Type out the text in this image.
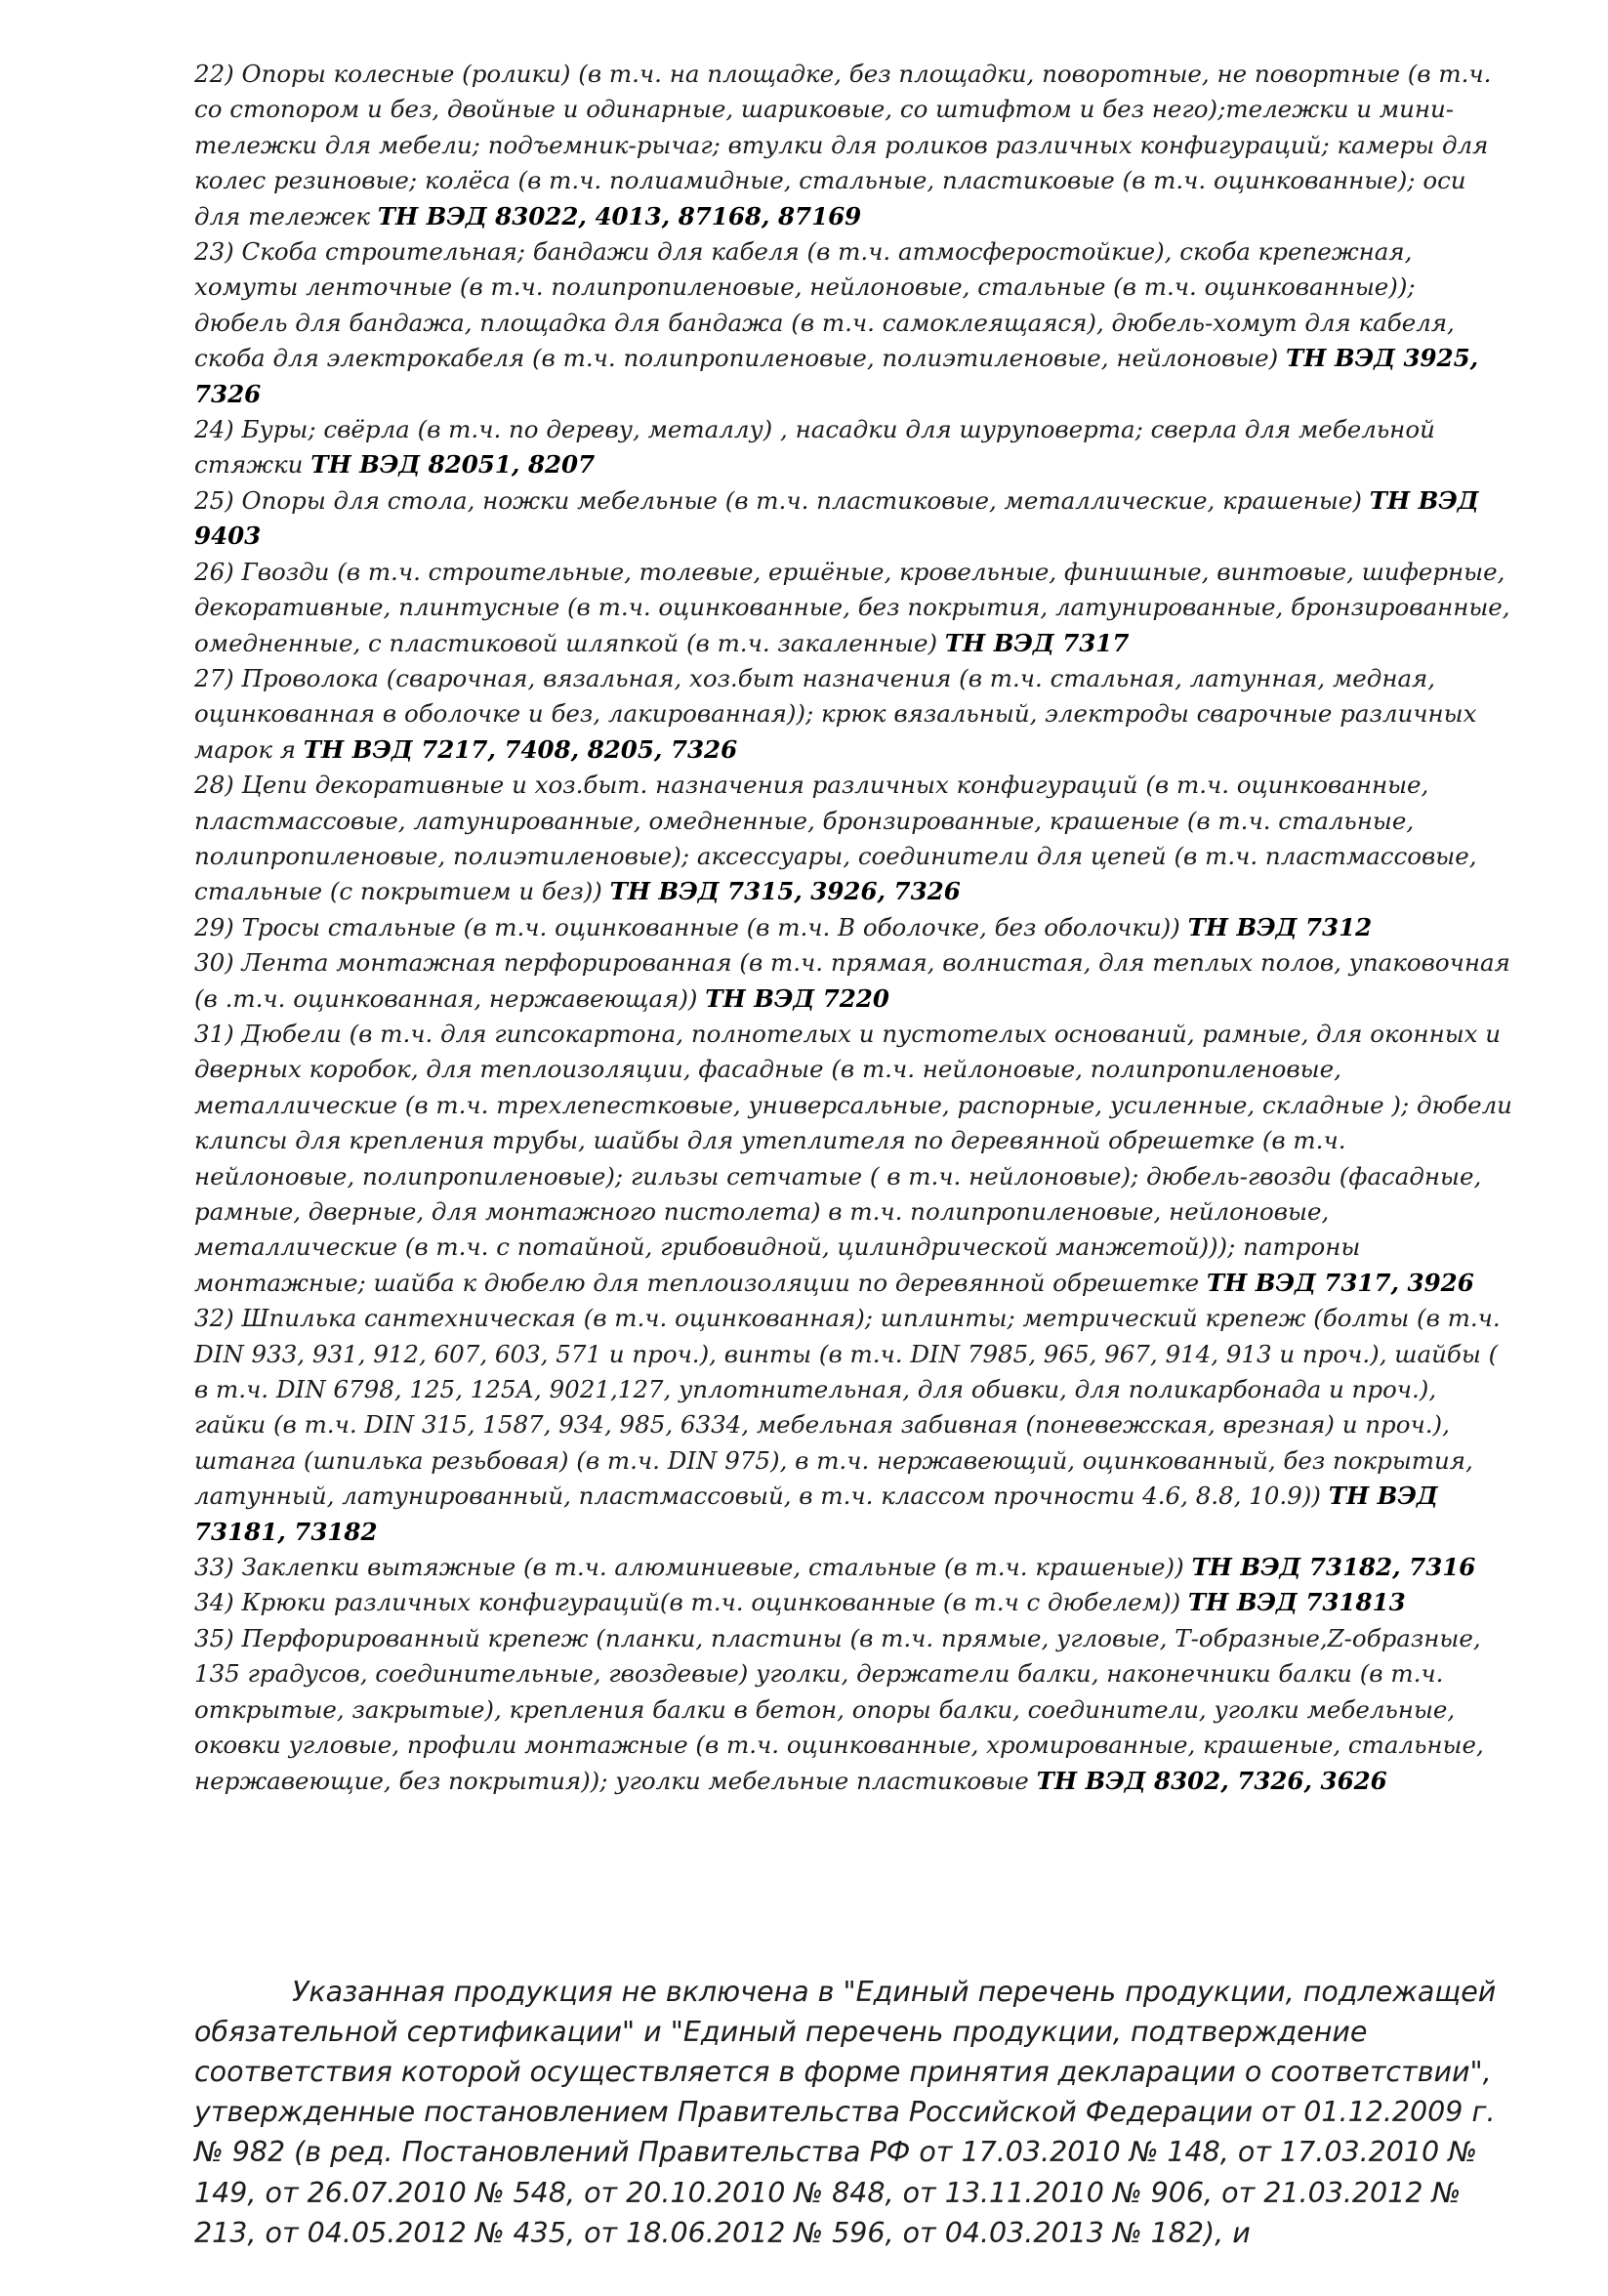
22) Опоры колесные (ролики) (в т.ч. на площадке, без площадки, поворотные, не повортные (в т.ч. со стопором и без, двойные и одинарные, шариковые, со штифтом и без него);тележки и мини-тележки для мебели; подъемник-рычаг; втулки для роликов различных конфигураций; камеры для колес резиновые; колёса (в т.ч. полиамидные, стальные, пластиковые (в т.ч. оцинкованные); оси для тележек ТН ВЭД 83022, 4013, 87168, 87169

23) Скоба строительная; бандажи для кабеля (в т.ч. атмосферостойкие), скоба крепежная, хомуты ленточные (в т.ч. полипропиленовые, нейлоновые, стальные (в т.ч. оцинкованные)); дюбель для бандажа, площадка для бандажа (в т.ч. самоклеящаяся), дюбель-хомут для кабеля, скоба для электрокабеля (в т.ч. полипропиленовые, полиэтиленовые, нейлоновые) ТН ВЭД 3925, 7326

24) Буры; свёрла (в т.ч. по дереву, металлу) , насадки для шуруповерта; сверла для мебельной стяжки ТН ВЭД 82051, 8207

25) Опоры для стола, ножки мебельные (в т.ч. пластиковые, металлические, крашеные) ТН ВЭД 9403

26) Гвозди (в т.ч. строительные, толевые, ершёные, кровельные, финишные, винтовые, шиферные, декоративные, плинтусные (в т.ч. оцинкованные, без покрытия, латунированные, бронзированные, омедненные, с пластиковой шляпкой (в т.ч. закаленные) ТН ВЭД 7317

27) Проволока (сварочная, вязальная, хоз.быт назначения (в т.ч. стальная, латунная, медная, оцинкованная в оболочке и без, лакированная)); крюк вязальный, электроды сварочные различных марок я ТН ВЭД 7217, 7408, 8205, 7326

28) Цепи декоративные и хоз.быт. назначения различных конфигураций (в т.ч. оцинкованные, пластмассовые, латунированные, омедненные, бронзированные, крашеные (в т.ч. стальные, полипропиленовые, полиэтиленовые); аксессуары, соединители для цепей (в т.ч. пластмассовые, стальные (с покрытием и без)) ТН ВЭД 7315, 3926, 7326

29) Тросы стальные (в т.ч. оцинкованные (в т.ч. В оболочке, без оболочки)) ТН ВЭД 7312

30) Лента монтажная перфорированная (в т.ч. прямая, волнистая, для теплых полов, упаковочная (в .т.ч. оцинкованная, нержавеющая)) ТН ВЭД 7220

31) Дюбели (в т.ч. для гипсокартона, полнотелых и пустотелых оснований, рамные, для оконных и дверных коробок, для теплоизоляции, фасадные (в т.ч. нейлоновые, полипропиленовые, металлические (в т.ч. трехлепестковые, универсальные, распорные, усиленные, складные ); дюбели клипсы для крепления трубы, шайбы для утеплителя по деревянной обрешетке (в т.ч. нейлоновые, полипропиленовые); гильзы сетчатые ( в т.ч. нейлоновые); дюбель-гвозди (фасадные, рамные, дверные, для монтажного пистолета) в т.ч. полипропиленовые, нейлоновые, металлические (в т.ч. с потайной, грибовидной, цилиндрической манжетой))); патроны монтажные; шайба к дюбелю для теплоизоляции по деревянной обрешетке ТН ВЭД 7317, 3926

32) Шпилька сантехническая (в т.ч. оцинкованная); шплинты; метрический крепеж (болты (в т.ч. DIN 933, 931, 912, 607, 603, 571 и проч.), винты (в т.ч. DIN 7985, 965, 967, 914, 913 и проч.), шайбы ( в т.ч. DIN 6798, 125, 125А, 9021,127, уплотнительная, для обивки, для поликарбонада и проч.), гайки (в т.ч. DIN 315, 1587, 934, 985, 6334, мебельная забивная (поневежская, врезная) и проч.), штанга (шпилька резьбовая) (в т.ч. DIN 975), в т.ч. нержавеющий, оцинкованный, без покрытия, латунный, латунированный, пластмассовый, в т.ч. классом прочности 4.6, 8.8, 10.9)) ТН ВЭД 73181, 73182

33) Заклепки вытяжные (в т.ч. алюминиевые, стальные (в т.ч. крашеные)) ТН ВЭД 73182, 7316

34) Крюки различных конфигураций(в т.ч. оцинкованные (в т.ч с дюбелем)) ТН ВЭД 731813

35) Перфорированный крепеж (планки, пластины (в т.ч. прямые, угловые, Т-образные,Z-образные, 135 градусов, соединительные, гвоздевые) уголки, держатели балки, наконечники балки (в т.ч. открытые, закрытые), крепления балки в бетон, опоры балки, соединители, уголки мебельные, оковки угловые, профили монтажные (в т.ч. оцинкованные, хромированные, крашеные, стальные, нержавеющие, без покрытия)); уголки мебельные пластиковые ТН ВЭД 8302, 7326, 3626

Указанная продукция не включена в "Единый перечень продукции, подлежащей обязательной сертификации" и "Единый перечень продукции, подтверждение соответствия которой осуществляется в форме принятия декларации о соответствии", утвержденные постановлением Правительства Российской Федерации от 01.12.2009 г. № 982 (в ред. Постановлений Правительства РФ от 17.03.2010 № 148, от 17.03.2010 № 149, от 26.07.2010 № 548, от 20.10.2010 № 848, от 13.11.2010 № 906, от 21.03.2012 № 213, от 04.05.2012 № 435, от 18.06.2012 № 596, от 04.03.2013 № 182), и
